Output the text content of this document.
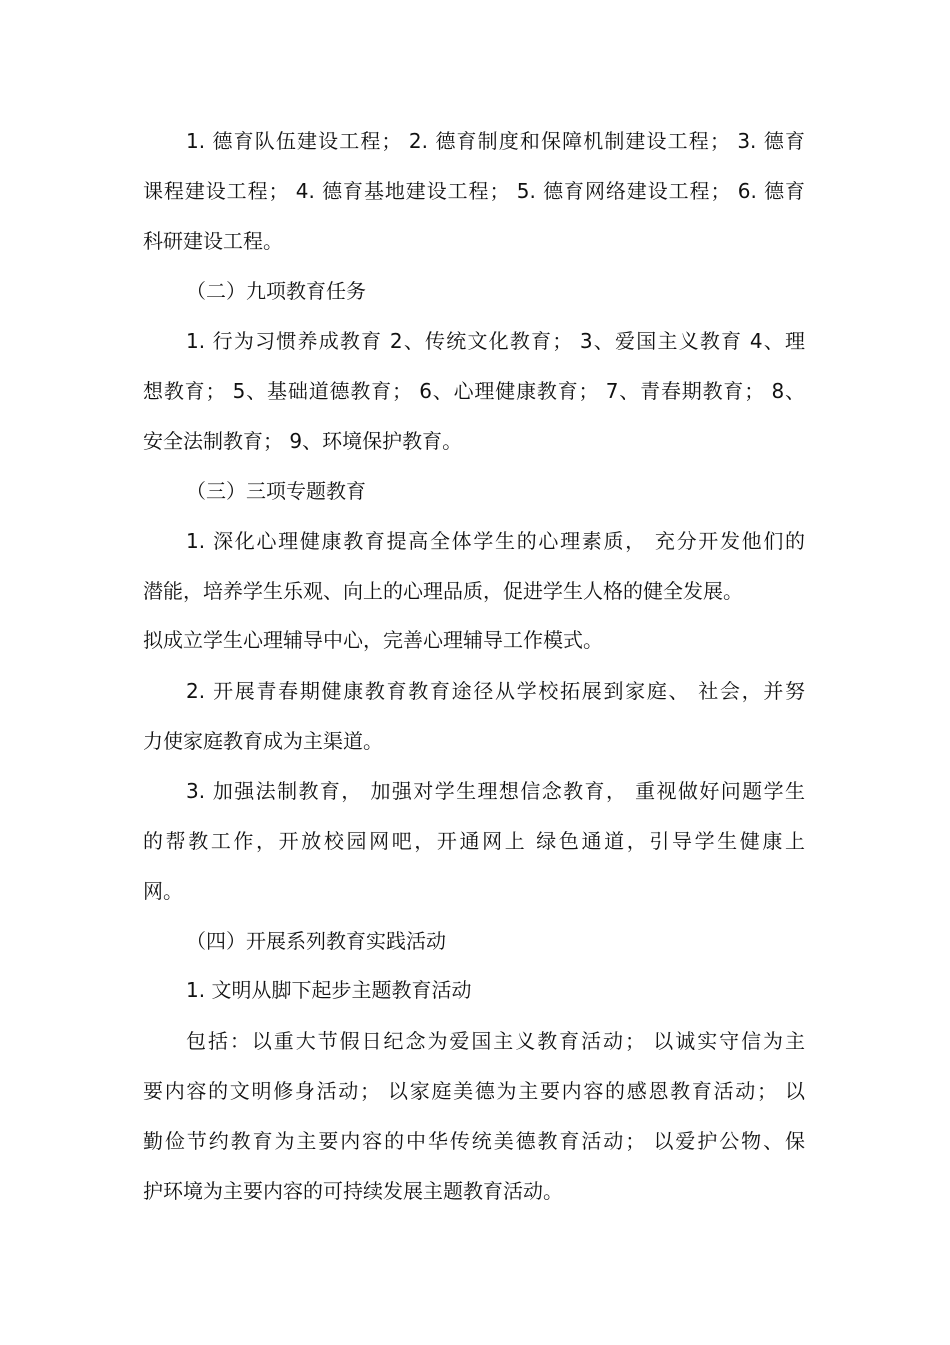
1. 德育队伍建设工程； 2. 德育制度和保障机制建设工程； 3. 德育
课程建设工程； 4. 德育基地建设工程； 5. 德育网络建设工程； 6. 德育
科研建设工程。
（二）九项教育任务
1. 行为习惯养成教育 2、传统文化教育； 3、爱国主义教育 4、理
想教育； 5、基础道德教育； 6、心理健康教育； 7、青春期教育； 8、
安全法制教育； 9、环境保护教育。
（三）三项专题教育
1. 深化心理健康教育提高全体学生的心理素质， 充分开发他们的
潜能，培养学生乐观、向上的心理品质，促进学生人格的健全发展。
拟成立学生心理辅导中心，完善心理辅导工作模式。
2. 开展青春期健康教育教育途径从学校拓展到家庭、 社会，并努
力使家庭教育成为主渠道。
3. 加强法制教育， 加强对学生理想信念教育， 重视做好问题学生
的帮教工作，开放校园网吧，开通网上 绿色通道，引导学生健康上
网。
（四）开展系列教育实践活动
1. 文明从脚下起步主题教育活动
包括：以重大节假日纪念为爱国主义教育活动； 以诚实守信为主
要内容的文明修身活动； 以家庭美德为主要内容的感恩教育活动； 以
勤俭节约教育为主要内容的中华传统美德教育活动； 以爱护公物、保
护环境为主要内容的可持续发展主题教育活动。
